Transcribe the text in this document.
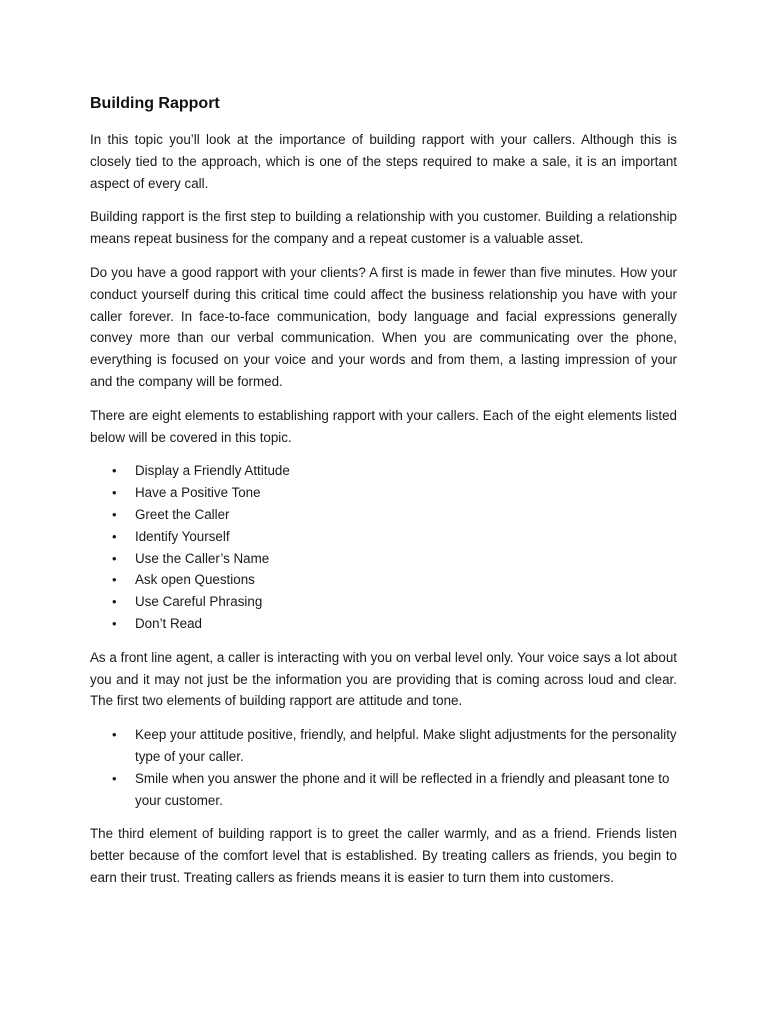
Building Rapport

In this topic you’ll look at the importance of building rapport with your callers. Although this is closely tied to the approach, which is one of the steps required to make a sale, it is an important aspect of every call.

Building rapport is the first step to building a relationship with you customer. Building a relationship means repeat business for the company and a repeat customer is a valuable asset.

Do you have a good rapport with your clients? A first is made in fewer than five minutes. How your conduct yourself during this critical time could affect the business relationship you have with your caller forever. In face-to-face communication, body language and facial expressions generally convey more than our verbal communication. When you are communicating over the phone, everything is focused on your voice and your words and from them, a lasting impression of your and the company will be formed.

There are eight elements to establishing rapport with your callers. Each of the eight elements listed below will be covered in this topic.

• Display a Friendly Attitude
• Have a Positive Tone
• Greet the Caller
• Identify Yourself
• Use the Caller’s Name
• Ask open Questions
• Use Careful Phrasing
• Don’t Read

As a front line agent, a caller is interacting with you on verbal level only. Your voice says a lot about you and it may not just be the information you are providing that is coming across loud and clear. The first two elements of building rapport are attitude and tone.

• Keep your attitude positive, friendly, and helpful. Make slight adjustments for the personality type of your caller.
• Smile when you answer the phone and it will be reflected in a friendly and pleasant tone to your customer.

The third element of building rapport is to greet the caller warmly, and as a friend. Friends listen better because of the comfort level that is established. By treating callers as friends, you begin to earn their trust. Treating callers as friends means it is easier to turn them into customers.
